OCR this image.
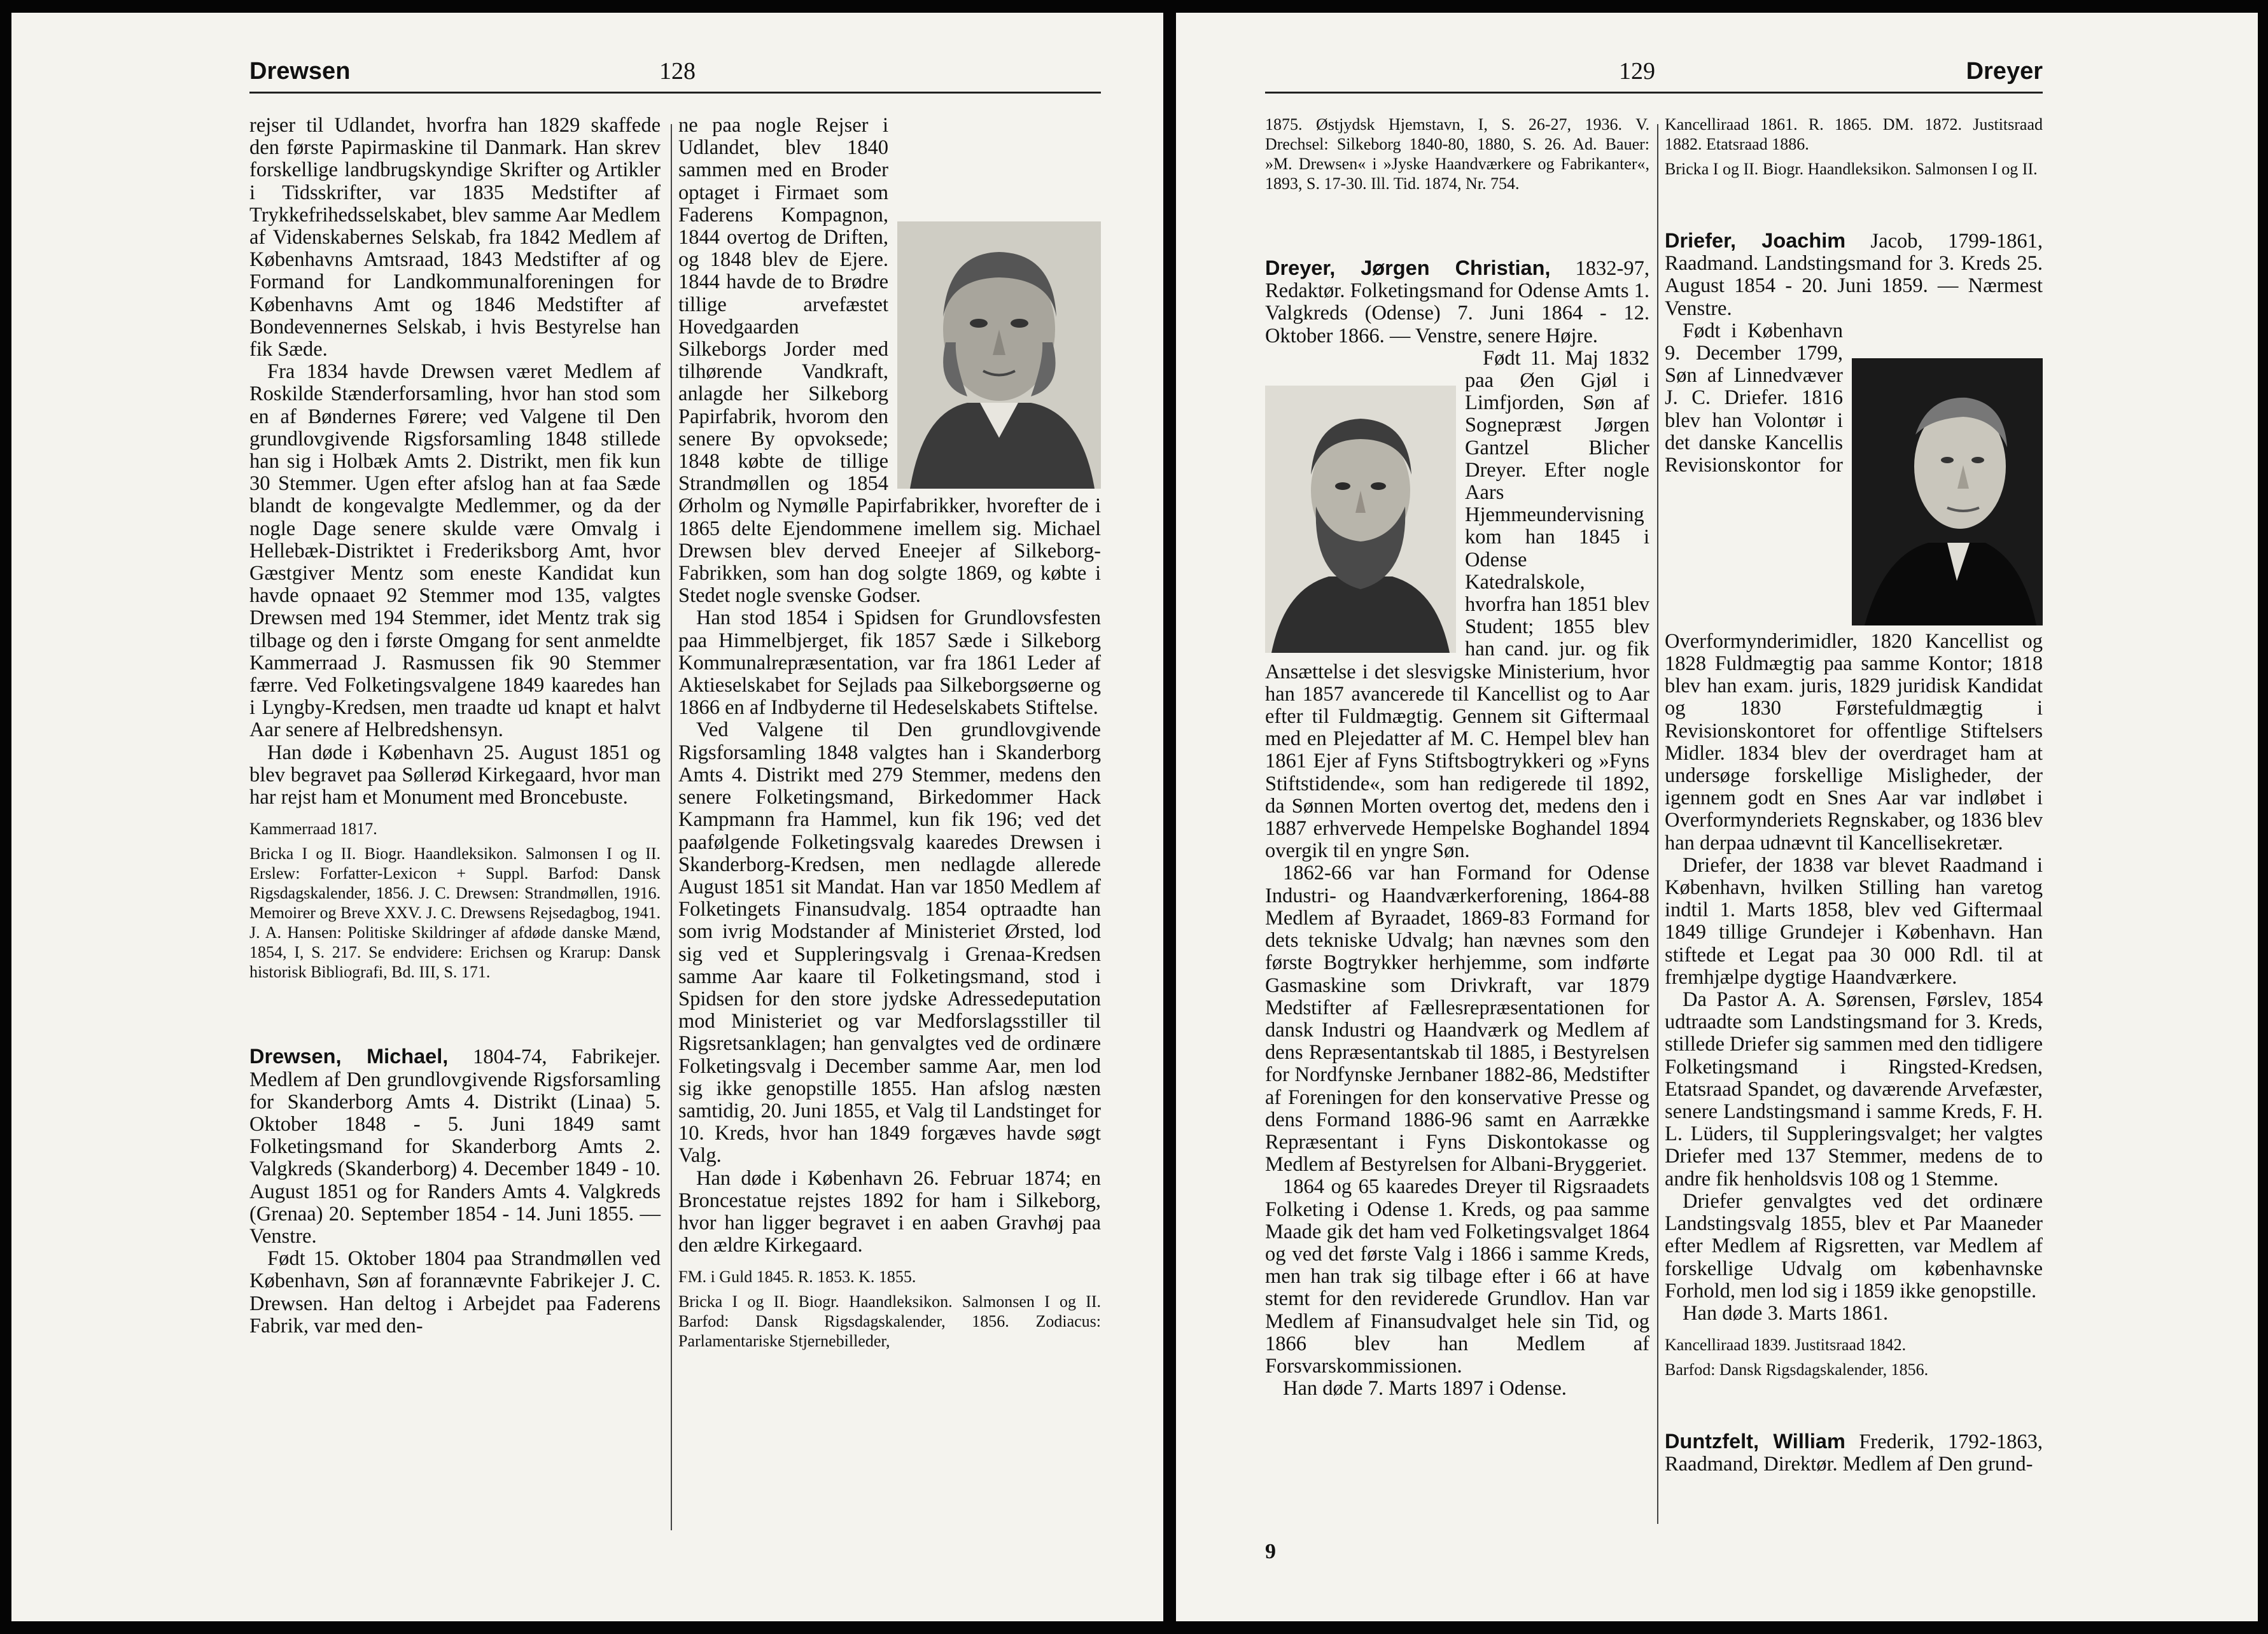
Drewsen	128

rejser til Udlandet, hvorfra han 1829 skaffede den første Papirmaskine til Danmark. Han skrev forskellige landbrugskyndige Skrifter og Artikler i Tidsskrifter, var 1835 Medstifter af Trykkefrihedsselskabet, blev samme Aar Medlem af Videnskabernes Selskab, fra 1842 Medlem af Københavns Amtsraad, 1843 Medstifter af og Formand for Landkommunalforeningen for Københavns Amt og 1846 Medstifter af Bondevennernes Selskab, i hvis Bestyrelse han fik Sæde.

Fra 1834 havde Drewsen været Medlem af Roskilde Stænderforsamling, hvor han stod som en af Bøndernes Førere; ved Valgene til Den grundlovgivende Rigsforsamling 1848 stillede han sig i Holbæk Amts 2. Distrikt, men fik kun 30 Stemmer. Ugen efter afslog han at faa Sæde blandt de kongevalgte Medlemmer, og da der nogle Dage senere skulde være Omvalg i Hellebæk-Distriktet i Frederiksborg Amt, hvor Gæstgiver Mentz som eneste Kandidat kun havde opnaaet 92 Stemmer mod 135, valgtes Drewsen med 194 Stemmer, idet Mentz trak sig tilbage og den i første Omgang for sent anmeldte Kammerraad J. Rasmussen fik 90 Stemmer færre. Ved Folketingsvalgene 1849 kaaredes han i Lyngby-Kredsen, men traadte ud knapt et halvt Aar senere af Helbredshensyn.

Han døde i København 25. August 1851 og blev begravet paa Søllerød Kirkegaard, hvor man har rejst ham et Monument med Broncebuste.

Kammerraad 1817.

Bricka I og II. Biogr. Haandleksikon. Salmonsen I og II. Erslew: Forfatter-Lexicon + Suppl. Barfod: Dansk Rigsdagskalender, 1856. J. C. Drewsen: Strandmøllen, 1916. Memoirer og Breve XXV. J. C. Drewsens Rejsedagbog, 1941. J. A. Hansen: Politiske Skildringer af afdøde danske Mænd, 1854, I, S. 217. Se endvidere: Erichsen og Krarup: Dansk historisk Bibliografi, Bd. III, S. 171.

Drewsen, Michael, 1804-74, Fabrikejer. Medlem af Den grundlovgivende Rigsforsamling for Skanderborg Amts 4. Distrikt (Linaa) 5. Oktober 1848 - 5. Juni 1849 samt Folketingsmand for Skanderborg Amts 2. Valgkreds (Skanderborg) 4. December 1849 - 10. August 1851 og for Randers Amts 4. Valgkreds (Grenaa) 20. September 1854 - 14. Juni 1855. — Venstre.

Født 15. Oktober 1804 paa Strandmøllen ved København, Søn af forannævnte Fabrikejer J. C. Drewsen. Han deltog i Arbejdet paa Faderens Fabrik, var med den-

ne paa nogle Rejser i Udlandet, blev 1840 sammen med en Broder optaget i Firmaet som Faderens Kompagnon, 1844 overtog de Driften, og 1848 blev de Ejere. 1844 havde de to Brødre tillige arvefæstet Hovedgaarden Silkeborgs Jorder med tilhørende Vandkraft, anlagde her Silkeborg Papirfabrik, hvorom den senere By opvoksede; 1848 købte de tillige Strandmøllen og 1854 Ørholm og Nymølle Papirfabrikker, hvorefter de i 1865 delte Ejendommene imellem sig. Michael Drewsen blev derved Eneejer af Silkeborg-Fabrikken, som han dog solgte 1869, og købte i Stedet nogle svenske Godser.

Han stod 1854 i Spidsen for Grundlovsfesten paa Himmelbjerget, fik 1857 Sæde i Silkeborg Kommunalrepræsentation, var fra 1861 Leder af Aktieselskabet for Sejlads paa Silkeborgsøerne og 1866 en af Indbyderne til Hedeselskabets Stiftelse.

Ved Valgene til Den grundlovgivende Rigsforsamling 1848 valgtes han i Skanderborg Amts 4. Distrikt med 279 Stemmer, medens den senere Folketingsmand, Birkedommer Hack Kampmann fra Hammel, kun fik 196; ved det paafølgende Folketingsvalg kaaredes Drewsen i Skanderborg-Kredsen, men nedlagde allerede August 1851 sit Mandat. Han var 1850 Medlem af Folketingets Finansudvalg. 1854 optraadte han som ivrig Modstander af Ministeriet Ørsted, lod sig ved et Suppleringsvalg i Grenaa-Kredsen samme Aar kaare til Folketingsmand, stod i Spidsen for den store jydske Adressedeputation mod Ministeriet og var Medforslagsstiller til Rigsretsanklagen; han genvalgtes ved de ordinære Folketingsvalg i December samme Aar, men lod sig ikke genopstille 1855. Han afslog næsten samtidig, 20. Juni 1855, et Valg til Landstinget for 10. Kreds, hvor han 1849 forgæves havde søgt Valg.

Han døde i København 26. Februar 1874; en Broncestatue rejstes 1892 for ham i Silkeborg, hvor han ligger begravet i en aaben Gravhøj paa den ældre Kirkegaard.

FM. i Guld 1845. R. 1853. K. 1855.

Bricka I og II. Biogr. Haandleksikon. Salmonsen I og II. Barfod: Dansk Rigsdagskalender, 1856. Zodiacus: Parlamentariske Stjernebilleder,

129	Dreyer

1875. Østjydsk Hjemstavn, I, S. 26-27, 1936. V. Drechsel: Silkeborg 1840-80, 1880, S. 26. Ad. Bauer: »M. Drewsen« i »Jyske Haandværkere og Fabrikanter«, 1893, S. 17-30. Ill. Tid. 1874, Nr. 754.

Dreyer, Jørgen Christian, 1832-97, Redaktør. Folketingsmand for Odense Amts 1. Valgkreds (Odense) 7. Juni 1864 - 12. Oktober 1866. — Venstre, senere Højre.

Født 11. Maj 1832 paa Øen Gjøl i Limfjorden, Søn af Sognepræst Jørgen Gantzel Blicher Dreyer. Efter nogle Aars Hjemmeundervisning kom han 1845 i Odense Katedralskole, hvorfra han 1851 blev Student; 1855 blev han cand. jur. og fik Ansættelse i det slesvigske Ministerium, hvor han 1857 avancerede til Kancellist og to Aar efter til Fuldmægtig. Gennem sit Giftermaal med en Plejedatter af M. C. Hempel blev han 1861 Ejer af Fyns Stiftsbogtrykkeri og »Fyns Stiftstidende«, som han redigerede til 1892, da Sønnen Morten overtog det, medens den i 1887 erhvervede Hempelske Boghandel 1894 overgik til en yngre Søn.

1862-66 var han Formand for Odense Industri- og Haandværkerforening, 1864-88 Medlem af Byraadet, 1869-83 Formand for dets tekniske Udvalg; han nævnes som den første Bogtrykker herhjemme, som indførte Gasmaskine som Drivkraft, var 1879 Medstifter af Fællesrepræsentationen for dansk Industri og Haandværk og Medlem af dens Repræsentantskab til 1885, i Bestyrelsen for Nordfynske Jernbaner 1882-86, Medstifter af Foreningen for den konservative Presse og dens Formand 1886-96 samt en Aarrække Repræsentant i Fyns Diskontokasse og Medlem af Bestyrelsen for Albani-Bryggeriet.

1864 og 65 kaaredes Dreyer til Rigsraadets Folketing i Odense 1. Kreds, og paa samme Maade gik det ham ved Folketingsvalget 1864 og ved det første Valg i 1866 i samme Kreds, men han trak sig tilbage efter i 66 at have stemt for den reviderede Grundlov. Han var Medlem af Finansudvalget hele sin Tid, og 1866 blev han Medlem af Forsvarskommissionen.

Han døde 7. Marts 1897 i Odense.

9

Kancelliraad 1861. R. 1865. DM. 1872. Justitsraad 1882. Etatsraad 1886.

Bricka I og II. Biogr. Haandleksikon. Salmonsen I og II.

Driefer, Joachim Jacob, 1799-1861, Raadmand. Landstingsmand for 3. Kreds 25. August 1854 - 20. Juni 1859. — Nærmest Venstre.

Født i København 9. December 1799, Søn af Linnedvæver J. C. Driefer. 1816 blev han Volontør i det danske Kancellis Revisionskontor for Overformynderimidler, 1820 Kancellist og 1828 Fuldmægtig paa samme Kontor; 1818 blev han exam. juris, 1829 juridisk Kandidat og 1830 Førstefuldmægtig i Revisionskontoret for offentlige Stiftelsers Midler. 1834 blev der overdraget ham at undersøge forskellige Misligheder, der igennem godt en Snes Aar var indløbet i Overformynderiets Regnskaber, og 1836 blev han derpaa udnævnt til Kancellisekretær.

Driefer, der 1838 var blevet Raadmand i København, hvilken Stilling han varetog indtil 1. Marts 1858, blev ved Giftermaal 1849 tillige Grundejer i København. Han stiftede et Legat paa 30 000 Rdl. til at fremhjælpe dygtige Haandværkere.

Da Pastor A. A. Sørensen, Førslev, 1854 udtraadte som Landstingsmand for 3. Kreds, stillede Driefer sig sammen med den tidligere Folketingsmand i Ringsted-Kredsen, Etatsraad Spandet, og daværende Arvefæster, senere Landstingsmand i samme Kreds, F. H. L. Lüders, til Suppleringsvalget; her valgtes Driefer med 137 Stemmer, medens de to andre fik henholdsvis 108 og 1 Stemme.

Driefer genvalgtes ved det ordinære Landstingsvalg 1855, blev et Par Maaneder efter Medlem af Rigsretten, var Medlem af forskellige Udvalg om københavnske Forhold, men lod sig i 1859 ikke genopstille.

Han døde 3. Marts 1861.

Kancelliraad 1839. Justitsraad 1842.

Barfod: Dansk Rigsdagskalender, 1856.

Duntzfelt, William Frederik, 1792-1863, Raadmand, Direktør. Medlem af Den grund-
